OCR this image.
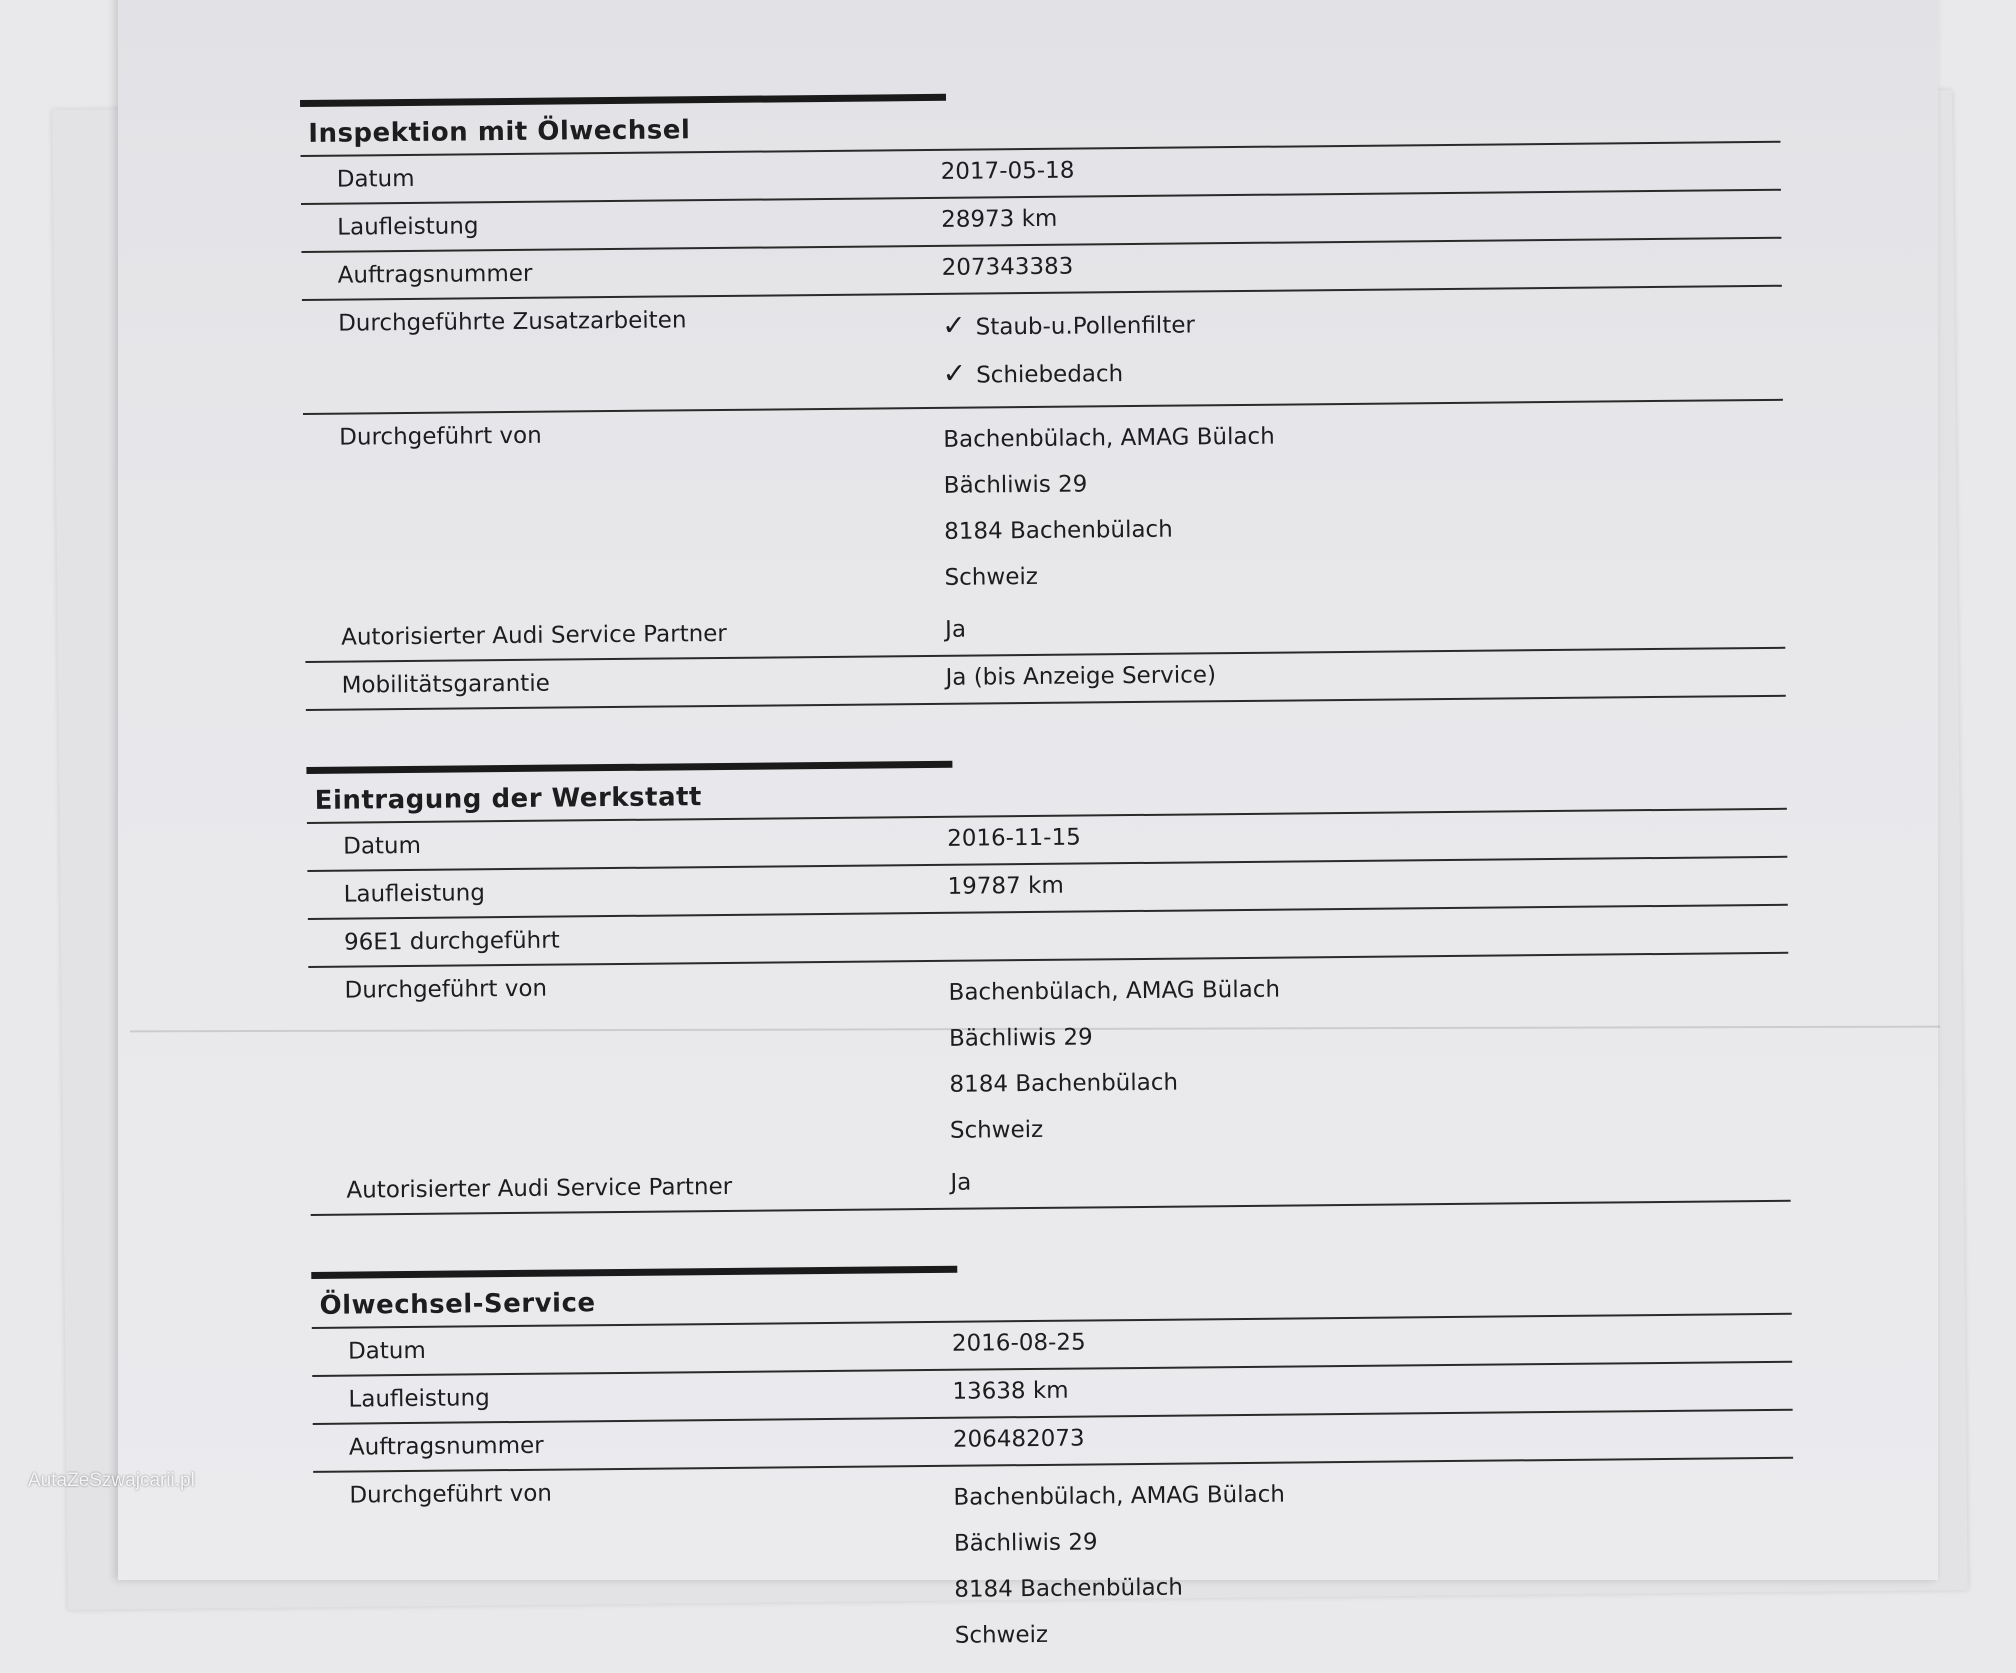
Inspektion mit Ölwechsel
Datum	2017-05-18
Laufleistung	28973 km
Auftragsnummer	207343383
Durchgeführte Zusatzarbeiten	✓ Staub-u.Pollenfilter
✓ Schiebedach
Durchgeführt von	Bachenbülach, AMAG Bülach
Bächliwis 29
8184 Bachenbülach
Schweiz
Autorisierter Audi Service Partner	Ja
Mobilitätsgarantie	Ja (bis Anzeige Service)
Eintragung der Werkstatt
Datum	2016-11-15
Laufleistung	19787 km
96E1 durchgeführt
Durchgeführt von	Bachenbülach, AMAG Bülach
Bächliwis 29
8184 Bachenbülach
Schweiz
Autorisierter Audi Service Partner	Ja
Ölwechsel-Service
Datum	2016-08-25
Laufleistung	13638 km
Auftragsnummer	206482073
Durchgeführt von	Bachenbülach, AMAG Bülach
Bächliwis 29
8184 Bachenbülach
Schweiz
AutaZeSzwajcarii.pl
